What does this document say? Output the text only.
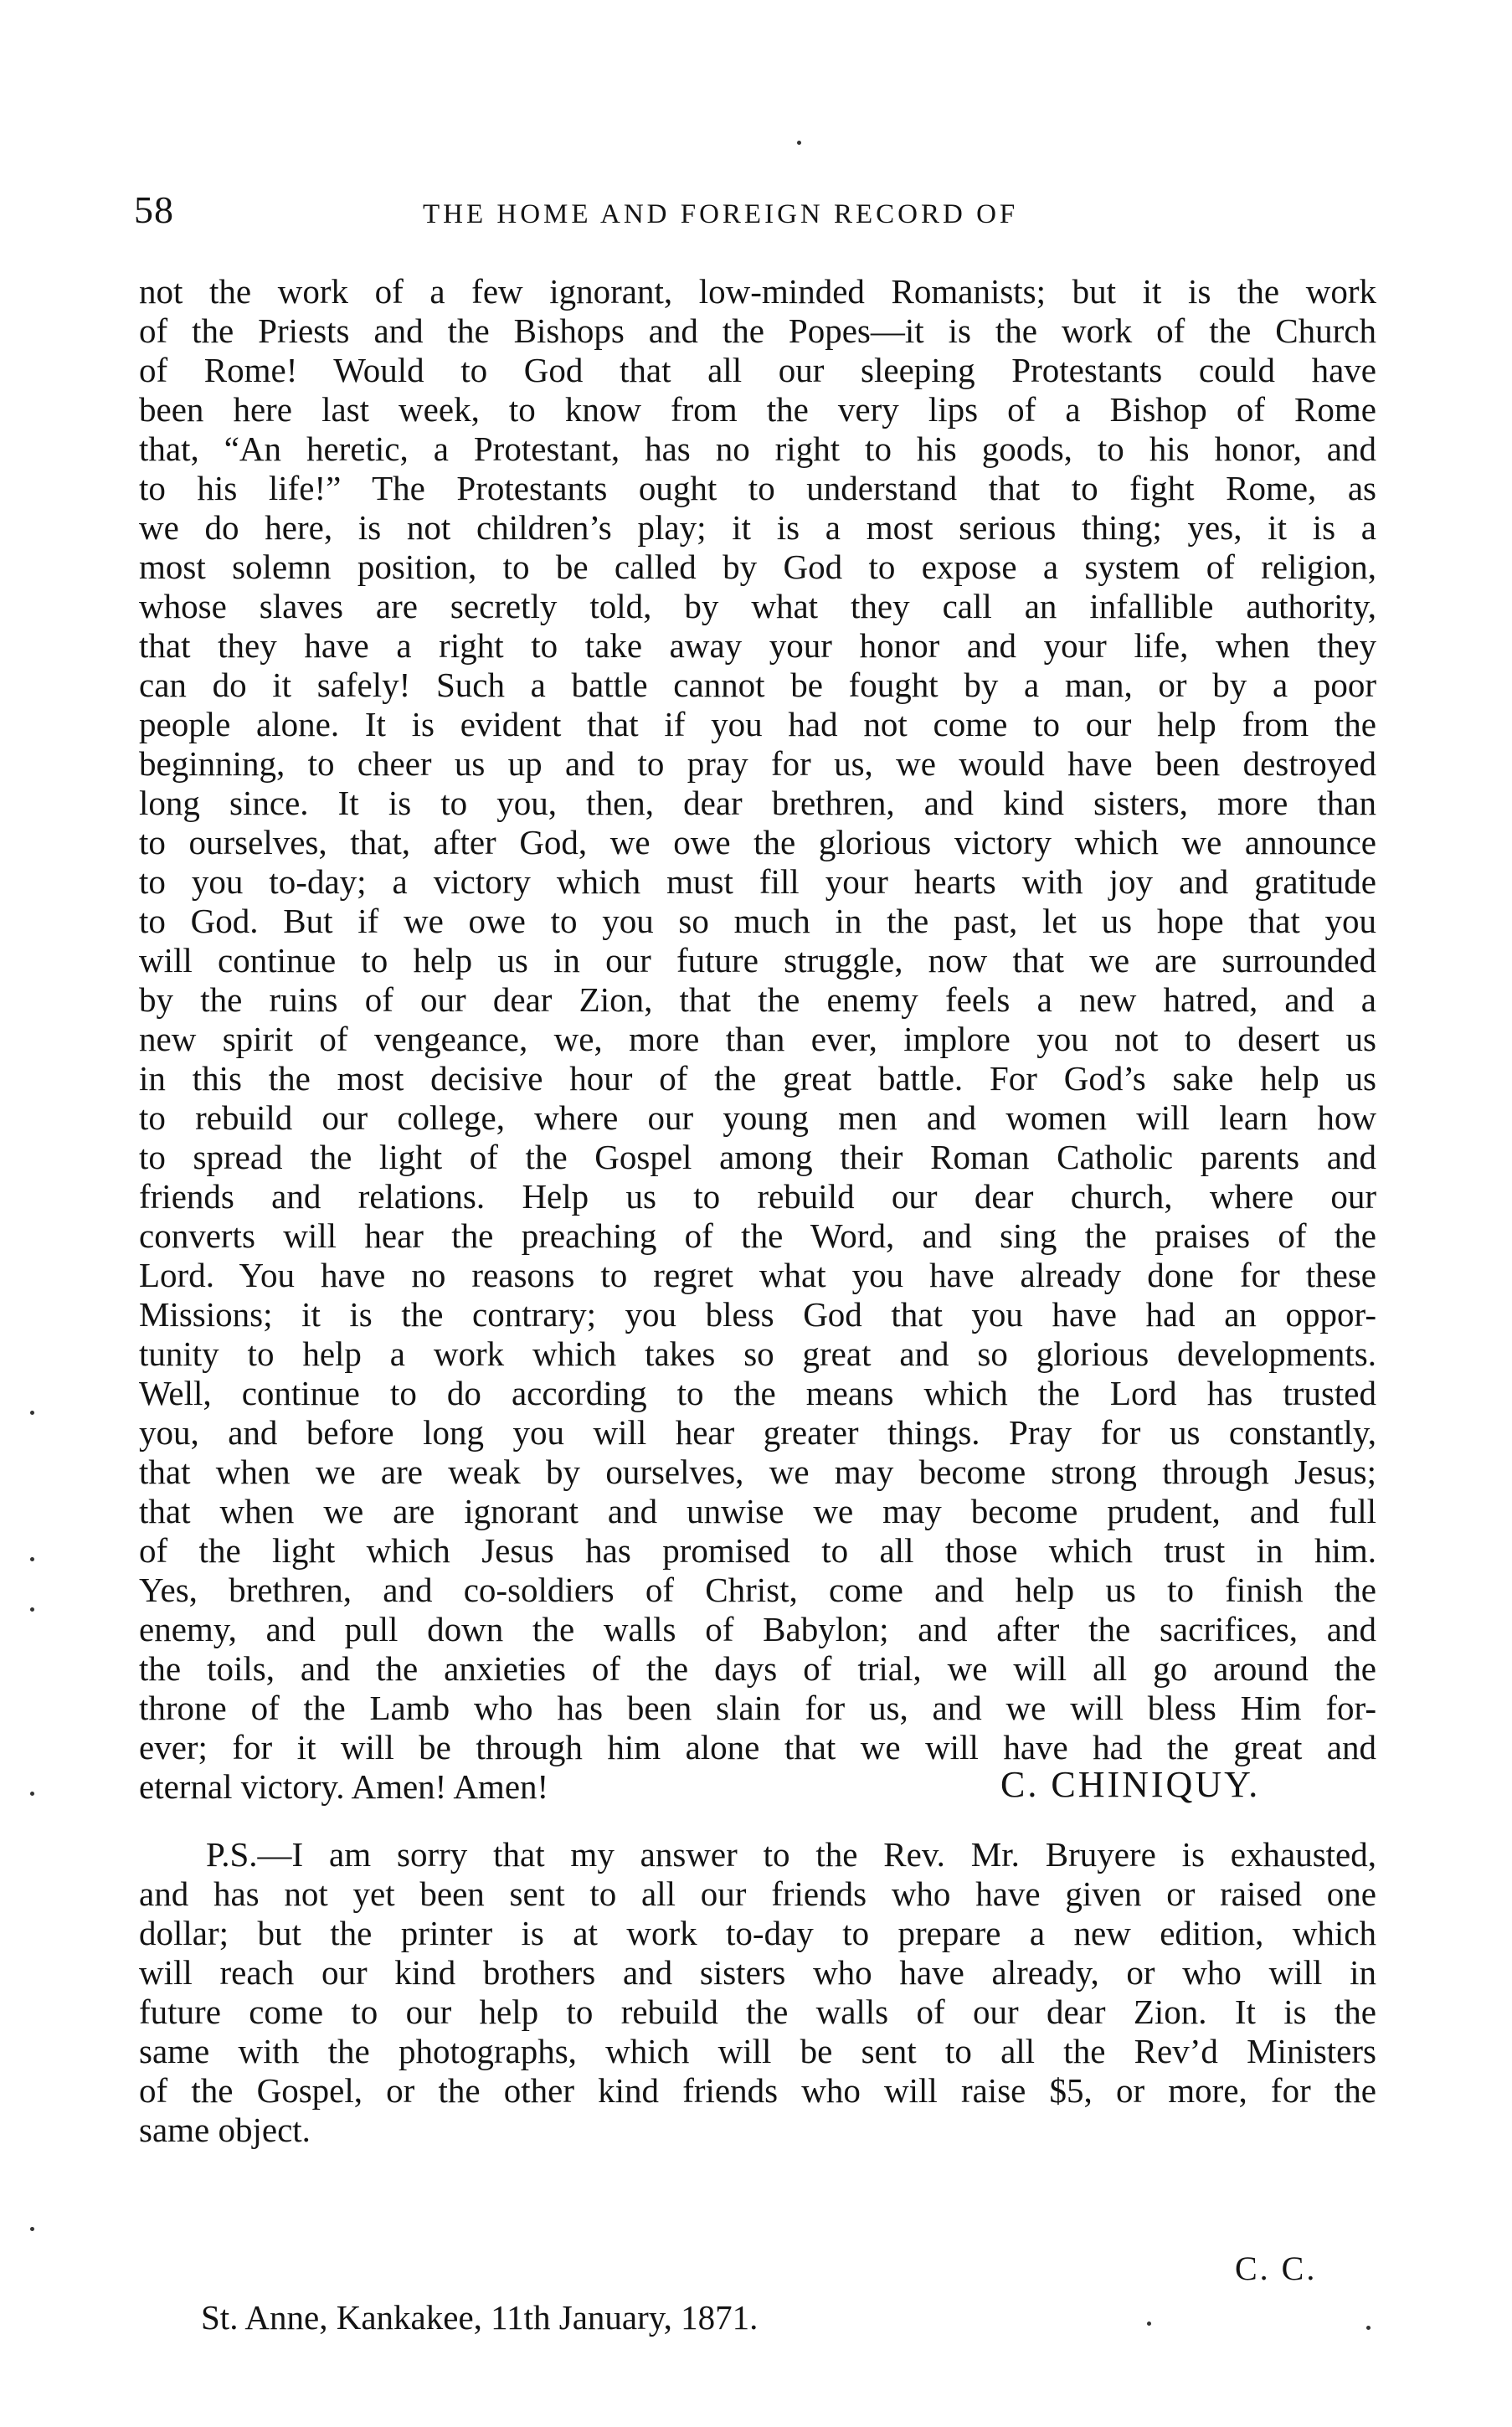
58	THE HOME AND FOREIGN RECORD OF
not the work of a few ignorant, low-minded Romanists; but it is the work
of the Priests and the Bishops and the Popes—it is the work of the Church
of Rome! Would to God that all our sleeping Protestants could have
been here last week, to know from the very lips of a Bishop of Rome
that, “An heretic, a Protestant, has no right to his goods, to his honor, and
to his life!” The Protestants ought to understand that to fight Rome, as
we do here, is not children’s play; it is a most serious thing; yes, it is a
most solemn position, to be called by God to expose a system of religion,
whose slaves are secretly told, by what they call an infallible authority,
that they have a right to take away your honor and your life, when they
can do it safely! Such a battle cannot be fought by a man, or by a poor
people alone. It is evident that if you had not come to our help from the
beginning, to cheer us up and to pray for us, we would have been destroyed
long since. It is to you, then, dear brethren, and kind sisters, more than
to ourselves, that, after God, we owe the glorious victory which we announce
to you to-day; a victory which must fill your hearts with joy and gratitude
to God. But if we owe to you so much in the past, let us hope that you
will continue to help us in our future struggle, now that we are surrounded
by the ruins of our dear Zion, that the enemy feels a new hatred, and a
new spirit of vengeance, we, more than ever, implore you not to desert us
in this the most decisive hour of the great battle. For God’s sake help us
to rebuild our college, where our young men and women will learn how
to spread the light of the Gospel among their Roman Catholic parents and
friends and relations. Help us to rebuild our dear church, where our
converts will hear the preaching of the Word, and sing the praises of the
Lord. You have no reasons to regret what you have already done for these
Missions; it is the contrary; you bless God that you have had an oppor-
tunity to help a work which takes so great and so glorious developments.
Well, continue to do according to the means which the Lord has trusted
you, and before long you will hear greater things. Pray for us constantly,
that when we are weak by ourselves, we may become strong through Jesus;
that when we are ignorant and unwise we may become prudent, and full
of the light which Jesus has promised to all those which trust in him.
Yes, brethren, and co-soldiers of Christ, come and help us to finish the
enemy, and pull down the walls of Babylon; and after the sacrifices, and
the toils, and the anxieties of the days of trial, we will all go around the
throne of the Lamb who has been slain for us, and we will bless Him for-
ever; for it will be through him alone that we will have had the great and
eternal victory. Amen! Amen!	C. CHINIQUY.
P.S.—I am sorry that my answer to the Rev. Mr. Bruyere is exhausted,
and has not yet been sent to all our friends who have given or raised one
dollar; but the printer is at work to-day to prepare a new edition, which
will reach our kind brothers and sisters who have already, or who will in
future come to our help to rebuild the walls of our dear Zion. It is the
same with the photographs, which will be sent to all the Rev’d Ministers
of the Gospel, or the other kind friends who will raise $5, or more, for the
same object.
C. C.
St. Anne, Kankakee, 11th January, 1871.
